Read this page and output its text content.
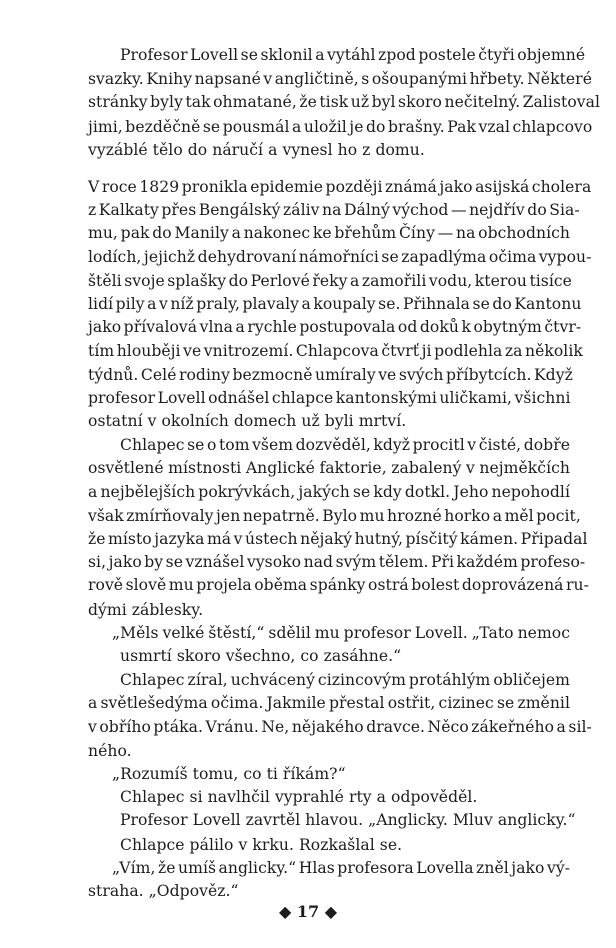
Profesor Lovell se sklonil a vytáhl zpod postele čtyři objemné
svazky. Knihy napsané v angličtině, s ošoupanými hřbety. Některé
stránky byly tak ohmatané, že tisk už byl skoro nečitelný. Zalistoval
jimi, bezděčně se pousmál a uložil je do brašny. Pak vzal chlapcovo
vyzáblé tělo do náručí a vynesl ho z domu.
V roce 1829 pronikla epidemie později známá jako asijská cholera
z Kalkaty přes Bengálský záliv na Dálný východ — nejdřív do Sia-
mu, pak do Manily a nakonec ke břehům Číny — na obchodních
lodích, jejichž dehydrovaní námořníci se zapadlýma očima vypou-
štěli svoje splašky do Perlové řeky a zamořili vodu, kterou tisíce
lidí pily a v níž praly, plavaly a koupaly se. Přihnala se do Kantonu
jako přívalová vlna a rychle postupovala od doků k obytným čtvr-
tím hlouběji ve vnitrozemí. Chlapcova čtvrť ji podlehla za několik
týdnů. Celé rodiny bezmocně umíraly ve svých příbytcích. Když
profesor Lovell odnášel chlapce kantonskými uličkami, všichni
ostatní v okolních domech už byli mrtví.
Chlapec se o tom všem dozvěděl, když procitl v čisté, dobře
osvětlené místnosti Anglické faktorie, zabalený v nejměkčích
a nejbělejších pokrývkách, jakých se kdy dotkl. Jeho nepohodlí
však zmírňovaly jen nepatrně. Bylo mu hrozné horko a měl pocit,
že místo jazyka má v ústech nějaký hutný, písčitý kámen. Připadal
si, jako by se vznášel vysoko nad svým tělem. Při každém profeso-
rově slově mu projela oběma spánky ostrá bolest doprovázená ru-
dými záblesky.
„Měls velké štěstí,“ sdělil mu profesor Lovell. „Tato nemoc
usmrtí skoro všechno, co zasáhne.“
Chlapec zíral, uchvácený cizincovým protáhlým obličejem
a světlešedýma očima. Jakmile přestal ostřit, cizinec se změnil
v obřího ptáka. Vránu. Ne, nějakého dravce. Něco zákeřného a sil-
ného.
„Rozumíš tomu, co ti říkám?“
Chlapec si navlhčil vyprahlé rty a odpověděl.
Profesor Lovell zavrtěl hlavou. „Anglicky. Mluv anglicky.“
Chlapce pálilo v krku. Rozkašlal se.
„Vím, že umíš anglicky.“ Hlas profesora Lovella zněl jako vý-
straha. „Odpověz.“
◆ 17 ◆
